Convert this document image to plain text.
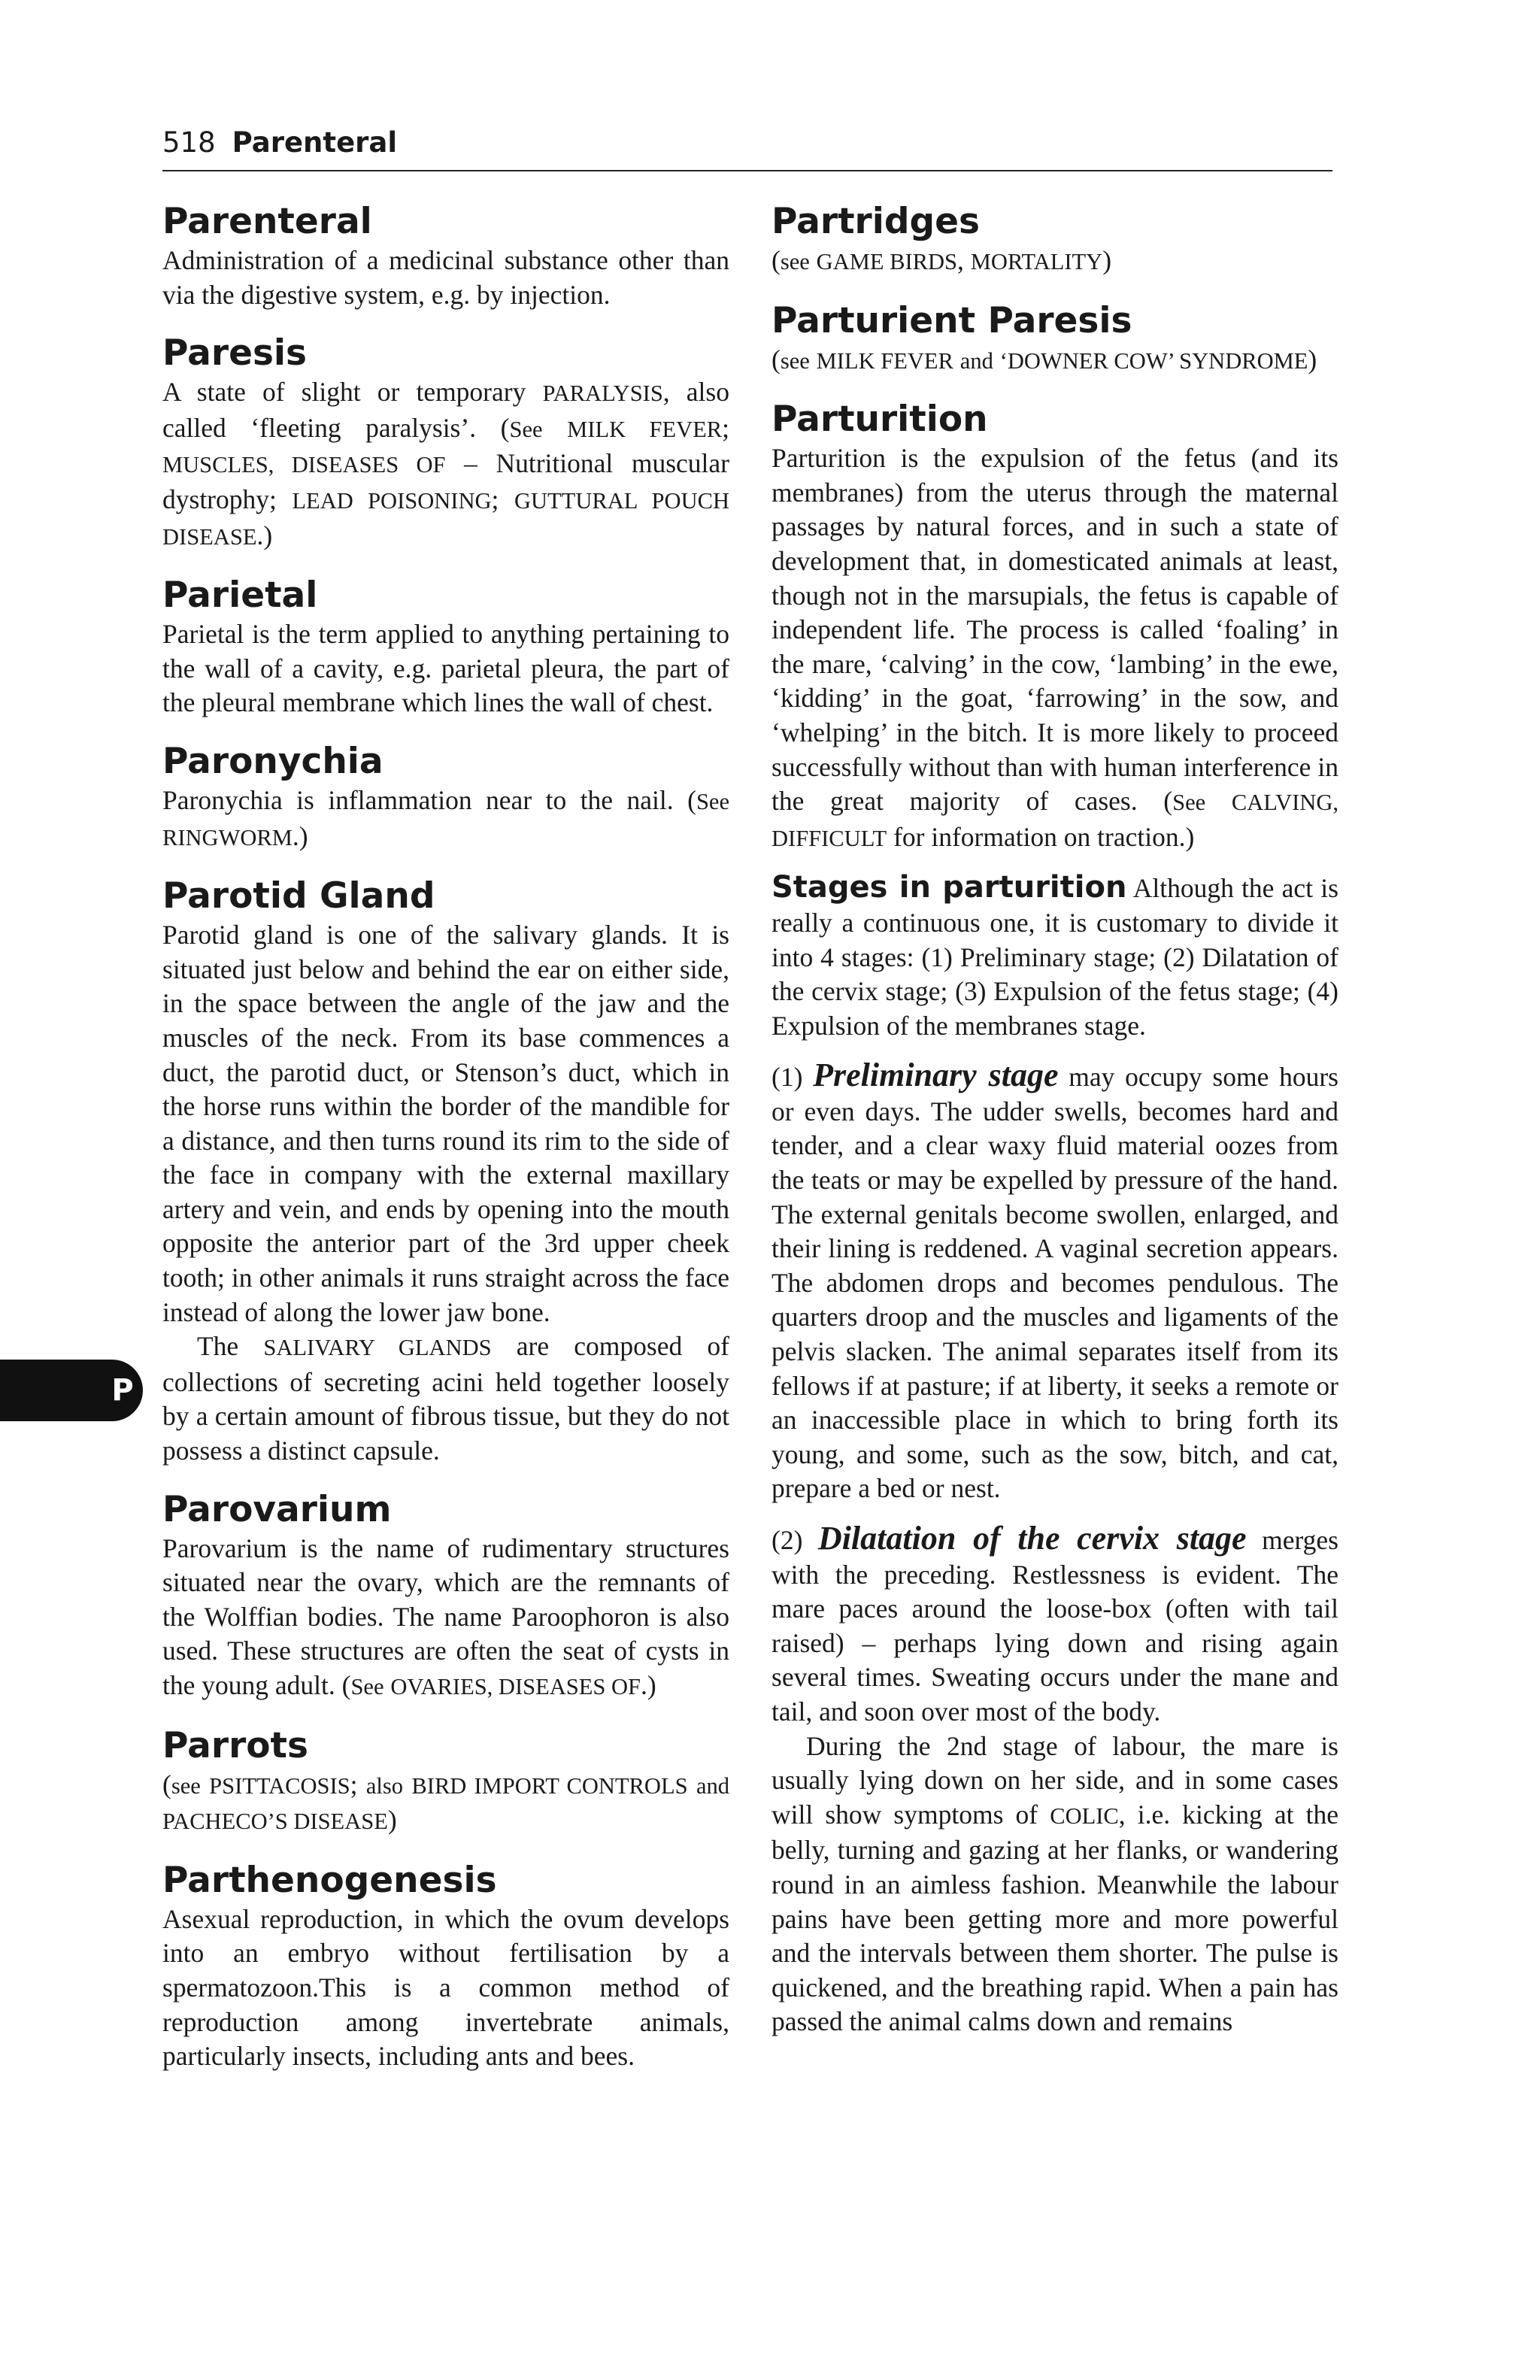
518 Parenteral
P
Parenteral

Administration of a medicinal substance other than via the digestive system, e.g. by injection.

Paresis

A state of slight or temporary PARALYSIS, also called ‘fleeting paralysis’. (See MILK FEVER; MUSCLES, DISEASES OF – Nutritional muscular dystrophy; LEAD POISONING; GUTTURAL POUCH DISEASE.)

Parietal

Parietal is the term applied to anything pertaining to the wall of a cavity, e.g. parietal pleura, the part of the pleural membrane which lines the wall of chest.

Paronychia

Paronychia is inflammation near to the nail. (See RINGWORM.)

Parotid Gland

Parotid gland is one of the salivary glands. It is situated just below and behind the ear on either side, in the space between the angle of the jaw and the muscles of the neck. From its base commences a duct, the parotid duct, or Stenson’s duct, which in the horse runs within the border of the mandible for a distance, and then turns round its rim to the side of the face in company with the external maxillary artery and vein, and ends by opening into the mouth opposite the anterior part of the 3rd upper cheek tooth; in other animals it runs straight across the face instead of along the lower jaw bone.

The SALIVARY GLANDS are composed of collections of secreting acini held together loosely by a certain amount of fibrous tissue, but they do not possess a distinct capsule.

Parovarium

Parovarium is the name of rudimentary structures situated near the ovary, which are the remnants of the Wolffian bodies. The name Paroophoron is also used. These structures are often the seat of cysts in the young adult. (See OVARIES, DISEASES OF.)

Parrots

(see PSITTACOSIS; also BIRD IMPORT CONTROLS and PACHECO’S DISEASE)

Parthenogenesis

Asexual reproduction, in which the ovum develops into an embryo without fertilisation by a spermatozoon.This is a common method of reproduction among invertebrate animals, particularly insects, including ants and bees.

Partridges

(see GAME BIRDS, MORTALITY)

Parturient Paresis

(see MILK FEVER and ‘DOWNER COW’ SYNDROME)

Parturition

Parturition is the expulsion of the fetus (and its membranes) from the uterus through the maternal passages by natural forces, and in such a state of development that, in domesticated animals at least, though not in the marsupials, the fetus is capable of independent life. The process is called ‘foaling’ in the mare, ‘calving’ in the cow, ‘lambing’ in the ewe, ‘kidding’ in the goat, ‘farrowing’ in the sow, and ‘whelping’ in the bitch. It is more likely to proceed successfully without than with human interference in the great majority of cases. (See CALVING, DIFFICULT for information on traction.)

Stages in parturition Although the act is really a continuous one, it is customary to divide it into 4 stages: (1) Preliminary stage; (2) Dilatation of the cervix stage; (3) Expulsion of the fetus stage; (4) Expulsion of the membranes stage.

(1) Preliminary stage may occupy some hours or even days. The udder swells, becomes hard and tender, and a clear waxy fluid material oozes from the teats or may be expelled by pressure of the hand. The external genitals become swollen, enlarged, and their lining is reddened. A vaginal secretion appears. The abdomen drops and becomes pendulous. The quarters droop and the muscles and ligaments of the pelvis slacken. The animal separates itself from its fellows if at pasture; if at liberty, it seeks a remote or an inaccessible place in which to bring forth its young, and some, such as the sow, bitch, and cat, prepare a bed or nest.

(2) Dilatation of the cervix stage merges with the preceding. Restlessness is evident. The mare paces around the loose-box (often with tail raised) – perhaps lying down and rising again several times. Sweating occurs under the mane and tail, and soon over most of the body.

During the 2nd stage of labour, the mare is usually lying down on her side, and in some cases will show symptoms of COLIC, i.e. kicking at the belly, turning and gazing at her flanks, or wandering round in an aimless fashion. Meanwhile the labour pains have been getting more and more powerful and the intervals between them shorter. The pulse is quickened, and the breathing rapid. When a pain has passed the animal calms down and remains
